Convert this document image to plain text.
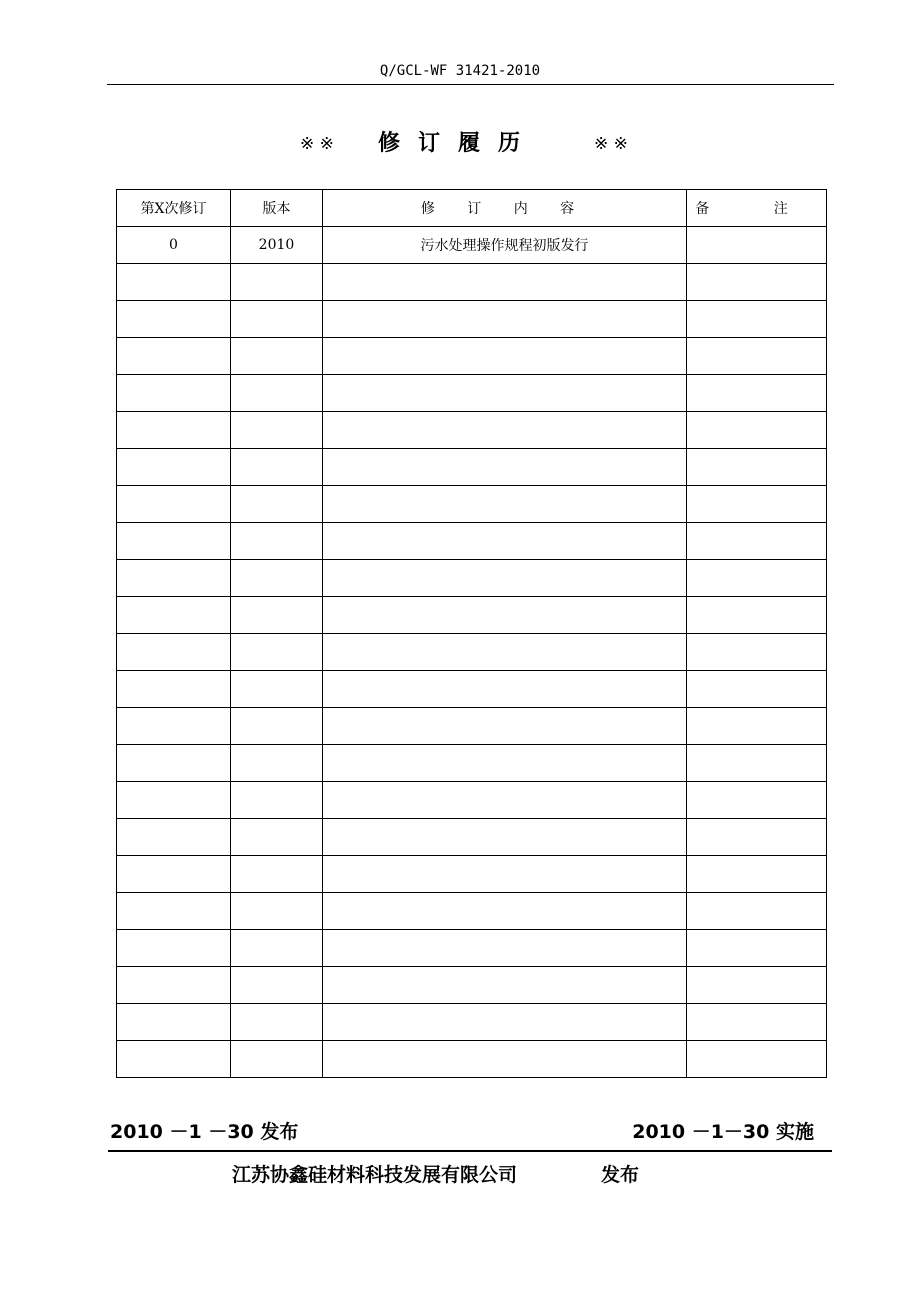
Q/GCL-WF 31421-2010
※ ※ 修订履历	※ ※
第X次修订	版本	修 订 内 容	备 注
0	2010	污水处理操作规程初版发行	

2010 －1 －30 发布	2010 －1－30 实施
江苏协鑫硅材料科技发展有限公司	发布
